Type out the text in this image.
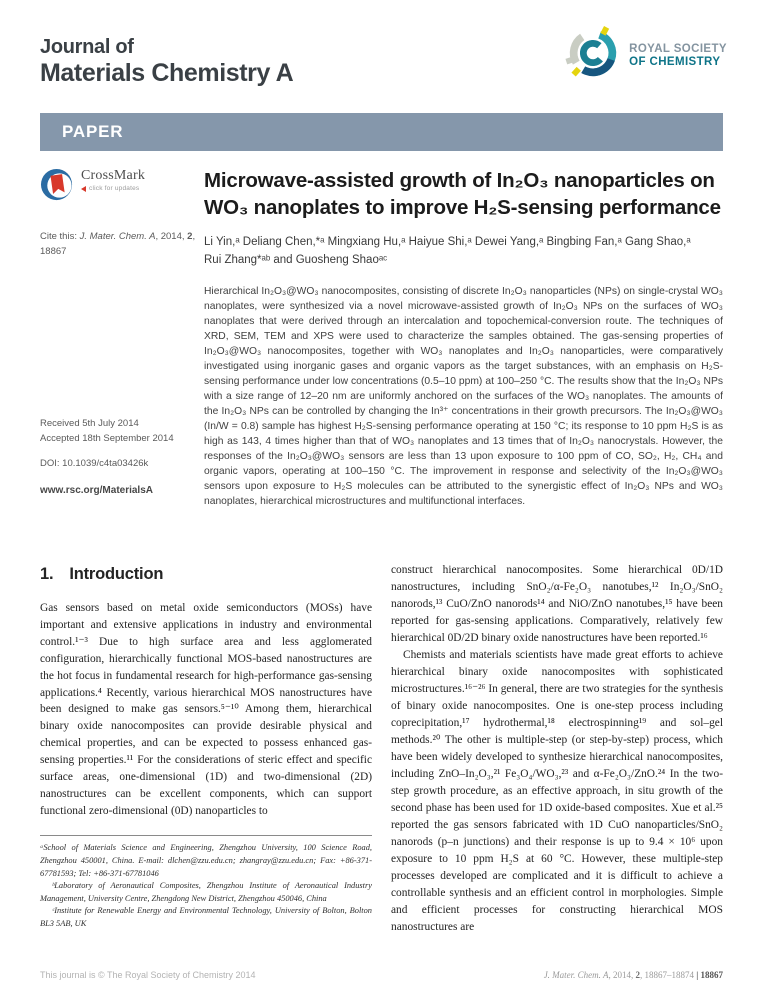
Journal of
Materials Chemistry A
ROYAL SOCIETY
OF CHEMISTRY
PAPER
CrossMark
click for updates
Cite this: J. Mater. Chem. A, 2014, 2, 18867
Received 5th July 2014
Accepted 18th September 2014
DOI: 10.1039/c4ta03426k
www.rsc.org/MaterialsA
Microwave-assisted growth of In₂O₃ nanoparticles on WO₃ nanoplates to improve H₂S-sensing performance
Li Yin,ᵃ Deliang Chen,*ᵃ Mingxiang Hu,ᵃ Haiyue Shi,ᵃ Dewei Yang,ᵃ Bingbing Fan,ᵃ Gang Shao,ᵃ Rui Zhang*ᵃᵇ and Guosheng Shaoᵃᶜ
Hierarchical In₂O₃@WO₃ nanocomposites, consisting of discrete In₂O₃ nanoparticles (NPs) on single-crystal WO₃ nanoplates, were synthesized via a novel microwave-assisted growth of In₂O₃ NPs on the surfaces of WO₃ nanoplates that were derived through an intercalation and topochemical-conversion route. The techniques of XRD, SEM, TEM and XPS were used to characterize the samples obtained. The gas-sensing properties of In₂O₃@WO₃ nanocomposites, together with WO₃ nanoplates and In₂O₃ nanoparticles, were comparatively investigated using inorganic gases and organic vapors as the target substances, with an emphasis on H₂S-sensing performance under low concentrations (0.5–10 ppm) at 100–250 °C. The results show that the In₂O₃ NPs with a size range of 12–20 nm are uniformly anchored on the surfaces of the WO₃ nanoplates. The amounts of the In₂O₃ NPs can be controlled by changing the In³⁺ concentrations in their growth precursors. The In₂O₃@WO₃ (In/W = 0.8) sample has highest H₂S-sensing performance operating at 150 °C; its response to 10 ppm H₂S is as high as 143, 4 times higher than that of WO₃ nanoplates and 13 times that of In₂O₃ nanocrystals. However, the responses of the In₂O₃@WO₃ sensors are less than 13 upon exposure to 100 ppm of CO, SO₂, H₂, CH₄ and organic vapors, operating at 100–150 °C. The improvement in response and selectivity of the In₂O₃@WO₃ sensors upon exposure to H₂S molecules can be attributed to the synergistic effect of In₂O₃ NPs and WO₃ nanoplates, hierarchical microstructures and multifunctional interfaces.
1. Introduction

Gas sensors based on metal oxide semiconductors (MOSs) have important and extensive applications in industry and environmental control.¹⁻³ Due to high surface area and less agglomerated configuration, hierarchically functional MOS-based nanostructures are the hot focus in fundamental research for high-performance gas-sensing applications.⁴ Recently, various hierarchical MOS nanostructures have been designed to make gas sensors.⁵⁻¹⁰ Among them, hierarchical binary oxide nanocomposites can provide desirable physical and chemical properties, and can be expected to possess enhanced gas-sensing properties.¹¹ For the considerations of steric effect and specific surface areas, one-dimensional (1D) and two-dimensional (2D) nanostructures can be excellent components, which can support functional zero-dimensional (0D) nanoparticles to

ᵃSchool of Materials Science and Engineering, Zhengzhou University, 100 Science Road, Zhengzhou 450001, China. E-mail: dlchen@zzu.edu.cn; zhangray@zzu.edu.cn; Fax: +86-371-67781593; Tel: +86-371-67781046

ᵇLaboratory of Aeronautical Composites, Zhengzhou Institute of Aeronautical Industry Management, University Centre, Zhengdong New District, Zhengzhou 450046, China

ᶜInstitute for Renewable Energy and Environmental Technology, University of Bolton, Bolton BL3 5AB, UK

construct hierarchical nanocomposites. Some hierarchical 0D/1D nanostructures, including SnO₂/α-Fe₂O₃ nanotubes,¹² In₂O₃/SnO₂ nanorods,¹³ CuO/ZnO nanorods¹⁴ and NiO/ZnO nanotubes,¹⁵ have been reported for gas-sensing applications. Comparatively, relatively few hierarchical 0D/2D binary oxide nanostructures have been reported.¹⁶

Chemists and materials scientists have made great efforts to achieve hierarchical binary oxide nanocomposites with sophisticated microstructures.¹⁶⁻²⁶ In general, there are two strategies for the synthesis of binary oxide nanocomposites. One is one-step process including coprecipitation,¹⁷ hydrothermal,¹⁸ electrospinning¹⁹ and sol–gel methods.²⁰ The other is multiple-step (or step-by-step) process, which have been widely developed to synthesize hierarchical nanocomposites, including ZnO–In₂O₃,²¹ Fe₃O₄/WO₃,²³ and α-Fe₂O₃/ZnO.²⁴ In the two-step growth procedure, as an effective approach, in situ growth of the second phase has been used for 1D oxide-based composites. Xue et al.²⁵ reported the gas sensors fabricated with 1D CuO nanoparticles/SnO₂ nanorods (p–n junctions) and their response is up to 9.4 × 10⁶ upon exposure to 10 ppm H₂S at 60 °C. However, these multiple-step processes developed are complicated and it is difficult to achieve a controllable synthesis and an efficient control in morphologies. Simple and efficient processes for constructing hierarchical MOS nanostructures are

This journal is © The Royal Society of Chemistry 2014	J. Mater. Chem. A, 2014, 2, 18867–18874 | 18867
